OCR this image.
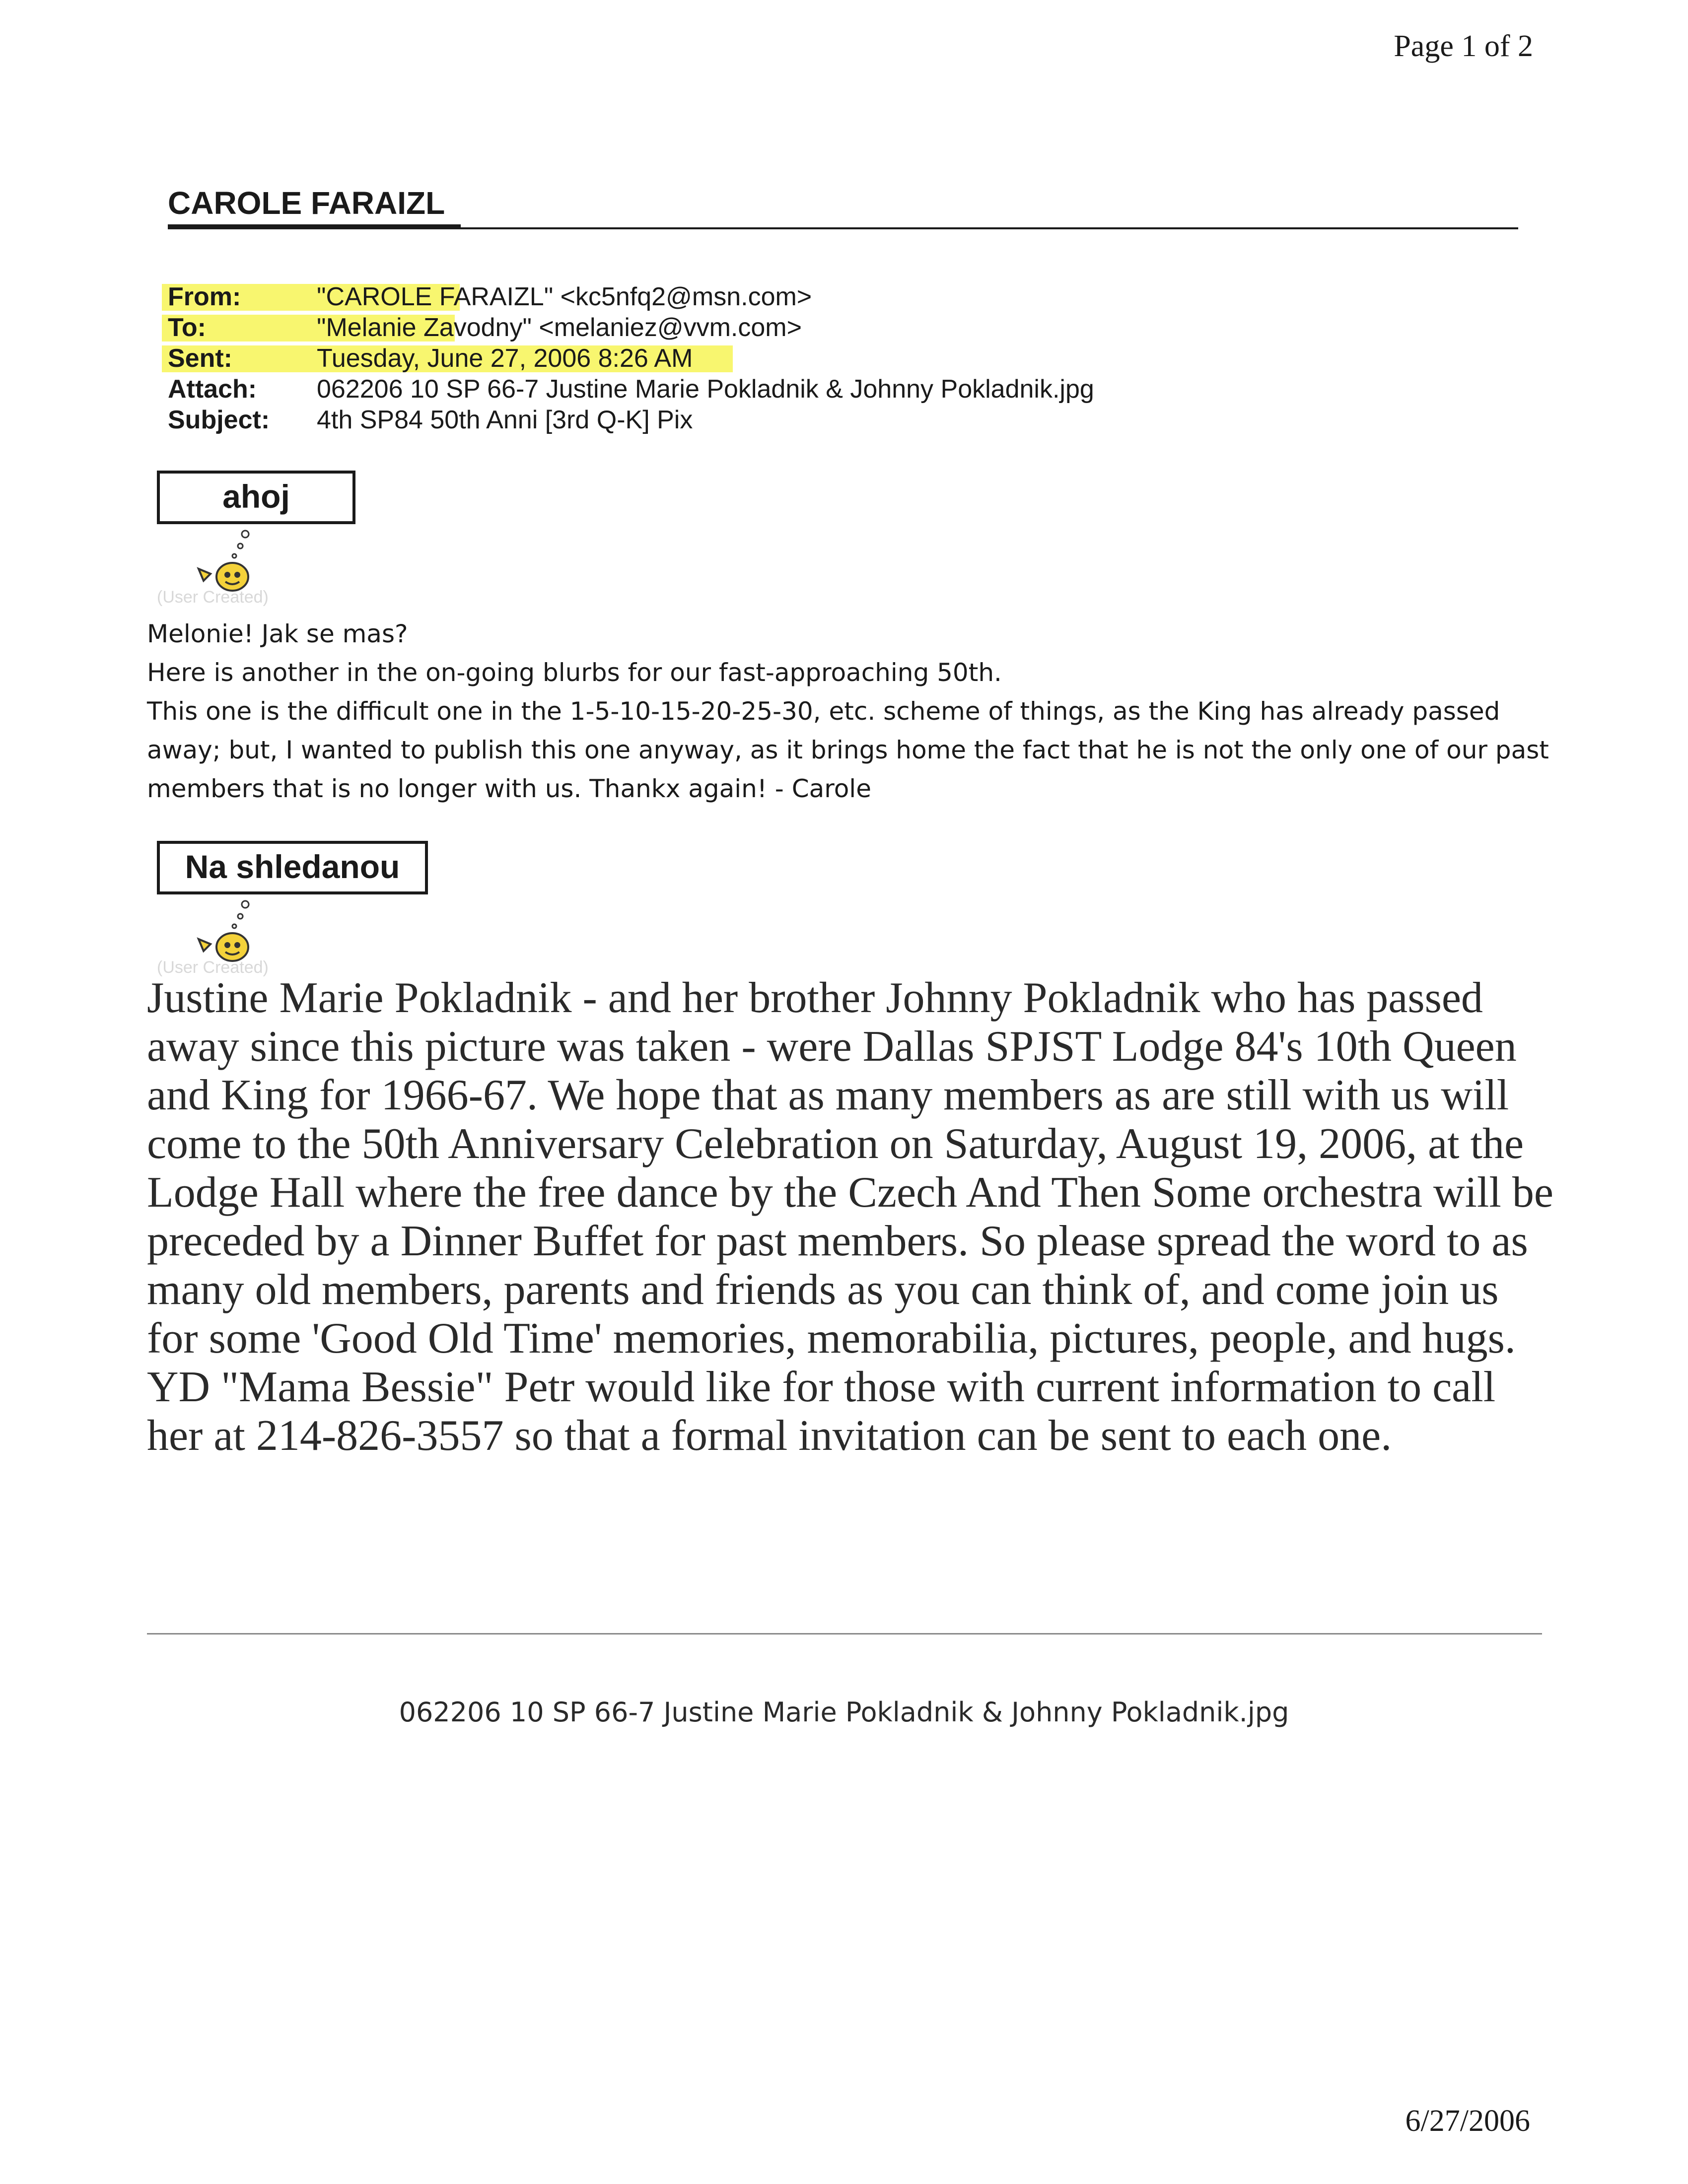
Page 1 of 2
CAROLE FARAIZL
From:	"CAROLE FARAIZL" <kc5nfq2@msn.com>
To:	"Melanie Zavodny" <melaniez@vvm.com>
Sent:	Tuesday, June 27, 2006 8:26 AM
Attach: 062206 10 SP 66-7 Justine Marie Pokladnik & Johnny Pokladnik.jpg
Subject: 4th SP84 50th Anni [3rd Q-K] Pix
ahoj
(User Created)

Melonie! Jak se mas?

Here is another in the on-going blurbs for our fast-approaching 50th.

This one is the difficult one in the 1-5-10-15-20-25-30, etc. scheme of things, as the King has already passed away; but, I wanted to publish this one anyway, as it brings home the fact that he is not the only one of our past members that is no longer with us. Thankx again! - Carole

Na shledanou
(User Created)
Justine Marie Pokladnik - and her brother Johnny Pokladnik who has passed away since this picture was taken - were Dallas SPJST Lodge 84's 10th Queen and King for 1966-67. We hope that as many members as are still with us will come to the 50th Anniversary Celebration on Saturday, August 19, 2006, at the Lodge Hall where the free dance by the Czech And Then Some orchestra will be preceded by a Dinner Buffet for past members. So please spread the word to as many old members, parents and friends as you can think of, and come join us for some 'Good Old Time' memories, memorabilia, pictures, people, and hugs. YD "Mama Bessie" Petr would like for those with current information to call her at 214-826-3557 so that a formal invitation can be sent to each one.
062206 10 SP 66-7 Justine Marie Pokladnik & Johnny Pokladnik.jpg
6/27/2006
